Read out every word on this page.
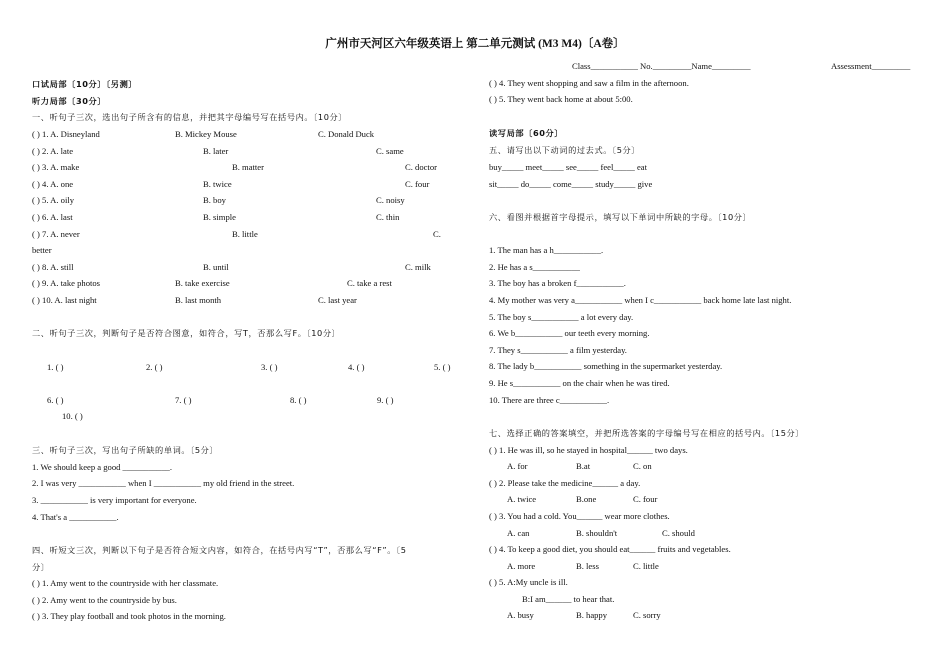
广州市天河区六年级英语上 第二单元测试 (M3 M4)〔A卷〕
Class___________ No._________Name_________	Assessment_________
口试局部〔10分〕〔另测〕
听力局部〔30分〕
一、听句子三次，选出句子所含有的信息，并把其字母编号写在括号内。〔10分〕
( ) 1. A. Disneyland	B. Mickey Mouse	C. Donald Duck
( ) 2. A. late	B. later	C. same
( ) 3. A. make	B. matter	C. doctor
( ) 4. A. one	B. twice	C. four
( ) 5. A. oily	B. boy	C. noisy
( ) 6. A. last	B. simple	C. thin
( ) 7. A. never	B. little	C.
better
( ) 8. A. still	B. until	C. milk
( ) 9. A. take photos	B. take exercise	C. take a rest
( ) 10. A. last night	B. last month	C. last year
二、听句子三次，判断句子是否符合图意，如符合，写T，否那么写F。〔10分〕
1. ( )	2. ( )	3. ( )	4. ( )	5. ( )
6. ( )	7. ( )	8. ( )	9. ( )
10. ( )
三、听句子三次，写出句子所缺的单词。〔5分〕
1. We should keep a good ___________.
2. I was very ___________ when I ___________ my old friend in the street.
3. ___________ is very important for everyone.
4. That's a ___________.
四、听短文三次，判断以下句子是否符合短文内容，如符合，在括号内写“T”，否那么写“F”。〔5
分〕
( ) 1. Amy went to the countryside with her classmate.
( ) 2. Amy went to the countryside by bus.
( ) 3. They play football and took photos in the morning.
( ) 4. They went shopping and saw a film in the afternoon.
( ) 5. They went back home at about 5:00.
读写局部〔60分〕
五、请写出以下动词的过去式。〔5分〕
buy_____ meet_____ see_____ feel_____ eat
sit_____ do_____ come_____ study_____ give
六、看图并根据首字母提示，填写以下单词中所缺的字母。〔10分〕
1. The man has a h___________.
2. He has a s___________
3. The boy has a broken f___________.
4. My mother was very a___________ when I c___________ back home late last night.
5. The boy s___________ a lot every day.
6. We b___________ our teeth every morning.
7. They s___________ a film yesterday.
8. The lady b___________ something in the supermarket yesterday.
9. He s___________ on the chair when he was tired.
10. There are three c___________.
七、选择正确的答案填空，并把所选答案的字母编号写在相应的括号内。〔15分〕
( ) 1. He was ill, so he stayed in hospital______ two days.
A. for	B.at	C. on
( ) 2. Please take the medicine______ a day.
A. twice	B.one	C. four
( ) 3. You had a cold. You______ wear more clothes.
A. can	B. shouldn't	C. should
( ) 4. To keep a good diet, you should eat______ fruits and vegetables.
A. more	B. less	C. little
( ) 5. A:My uncle is ill.
B:I am______ to hear that.
A. busy	B. happy	C. sorry
